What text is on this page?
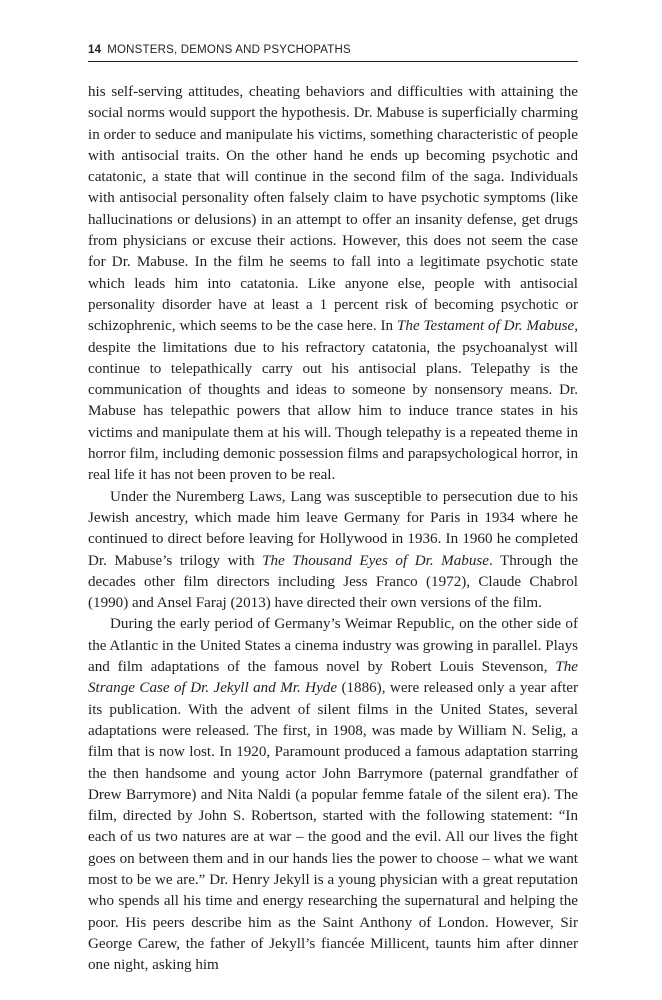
14 MONSTERS, DEMONS AND PSYCHOPATHS

his self-serving attitudes, cheating behaviors and difficulties with attaining the social norms would support the hypothesis. Dr. Mabuse is superficially charming in order to seduce and manipulate his victims, something characteristic of people with antisocial traits. On the other hand he ends up becoming psychotic and catatonic, a state that will continue in the second film of the saga. Individuals with antisocial personality often falsely claim to have psychotic symptoms (like hallucinations or delusions) in an attempt to offer an insanity defense, get drugs from physicians or excuse their actions. However, this does not seem the case for Dr. Mabuse. In the film he seems to fall into a legitimate psychotic state which leads him into catatonia. Like anyone else, people with antisocial personality disorder have at least a 1 percent risk of becoming psychotic or schizophrenic, which seems to be the case here. In The Testament of Dr. Mabuse, despite the limitations due to his refractory catatonia, the psychoanalyst will continue to telepathically carry out his antisocial plans. Telepathy is the communication of thoughts and ideas to someone by nonsensory means. Dr. Mabuse has telepathic powers that allow him to induce trance states in his victims and manipulate them at his will. Though telepathy is a repeated theme in horror film, including demonic possession films and parapsychological horror, in real life it has not been proven to be real.

Under the Nuremberg Laws, Lang was susceptible to persecution due to his Jewish ancestry, which made him leave Germany for Paris in 1934 where he continued to direct before leaving for Hollywood in 1936. In 1960 he completed Dr. Mabuse’s trilogy with The Thousand Eyes of Dr. Mabuse. Through the decades other film directors including Jess Franco (1972), Claude Chabrol (1990) and Ansel Faraj (2013) have directed their own versions of the film.

During the early period of Germany’s Weimar Republic, on the other side of the Atlantic in the United States a cinema industry was growing in parallel. Plays and film adaptations of the famous novel by Robert Louis Stevenson, The Strange Case of Dr. Jekyll and Mr. Hyde (1886), were released only a year after its publication. With the advent of silent films in the United States, several adaptations were released. The first, in 1908, was made by William N. Selig, a film that is now lost. In 1920, Paramount produced a famous adaptation starring the then handsome and young actor John Barrymore (paternal grandfather of Drew Barrymore) and Nita Naldi (a popular femme fatale of the silent era). The film, directed by John S. Robertson, started with the following statement: “In each of us two natures are at war – the good and the evil. All our lives the fight goes on between them and in our hands lies the power to choose – what we want most to be we are.” Dr. Henry Jekyll is a young physician with a great reputation who spends all his time and energy researching the supernatural and helping the poor. His peers describe him as the Saint Anthony of London. However, Sir George Carew, the father of Jekyll’s fiancée Millicent, taunts him after dinner one night, asking him
